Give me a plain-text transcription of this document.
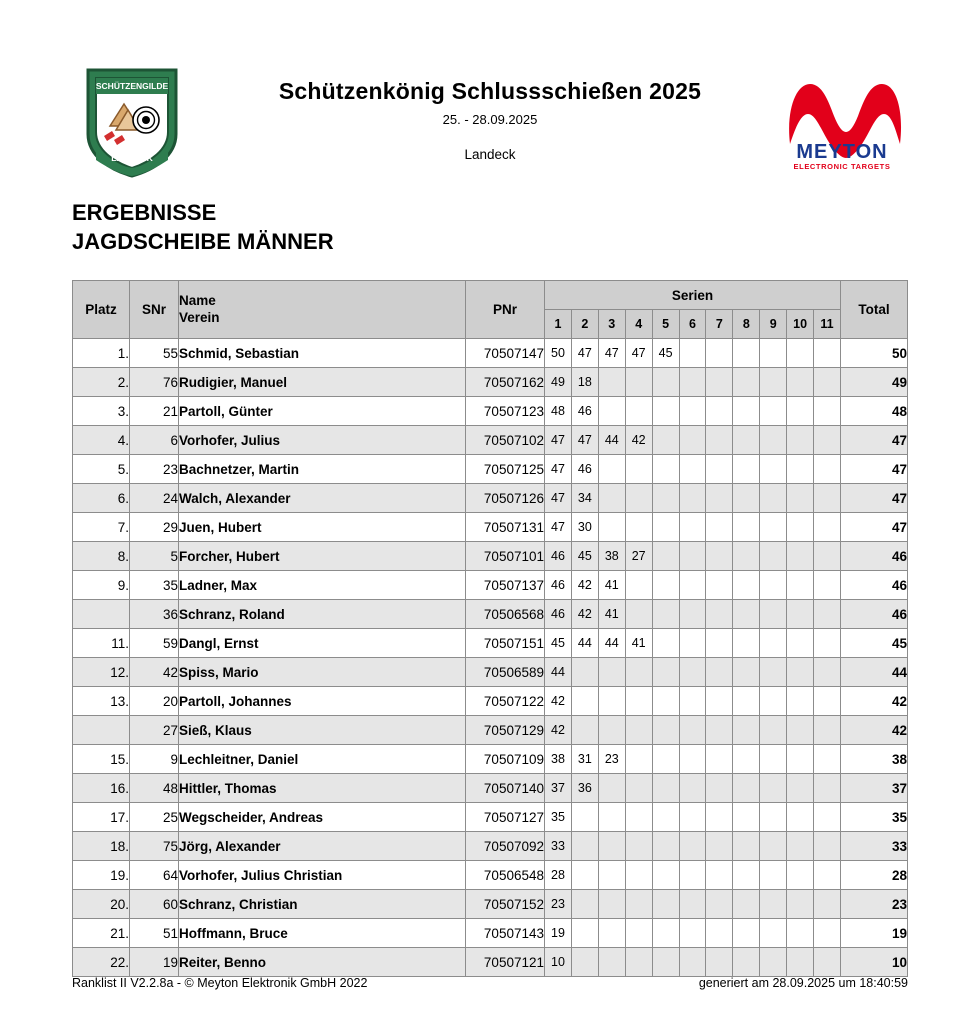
SCHÜTZENGILDE
LANDECK
Schützenkönig Schlussschießen 2025
25. - 28.09.2025
Landeck	MEYTON
ELECTRONIC TARGETS
ERGEBNISSE
JAGDSCHEIBE MÄNNER
Platz	SNr	Name
Verein	PNr	Serien											Total
				1	2	3	4	5	6	7	8	9	10	11	
1.	55	Schmid, Sebastian	70507147	50	47	47	47	45							50
2.	76	Rudigier, Manuel	70507162	49	18										49
3.	21	Partoll, Günter	70507123	48	46										48
4.	6	Vorhofer, Julius	70507102	47	47	44	42								47
5.	23	Bachnetzer, Martin	70507125	47	46										47
6.	24	Walch, Alexander	70507126	47	34										47
7.	29	Juen, Hubert	70507131	47	30										47
8.	5	Forcher, Hubert	70507101	46	45	38	27								46
9.	35	Ladner, Max	70507137	46	42	41									46
	36	Schranz, Roland	70506568	46	42	41									46
11.	59	Dangl, Ernst	70507151	45	44	44	41								45
12.	42	Spiss, Mario	70506589	44											44
13.	20	Partoll, Johannes	70507122	42											42
	27	Sieß, Klaus	70507129	42											42
15.	9	Lechleitner, Daniel	70507109	38	31	23									38
16.	48	Hittler, Thomas	70507140	37	36										37
17.	25	Wegscheider, Andreas	70507127	35											35
18.	75	Jörg, Alexander	70507092	33											33
19.	64	Vorhofer, Julius Christian	70506548	28											28
20.	60	Schranz, Christian	70507152	23											23
21.	51	Hoffmann, Bruce	70507143	19											19
22.	19	Reiter, Benno	70507121	10											10
Ranklist II V2.2.8a - © Meyton Elektronik GmbH 2022	generiert am 28.09.2025 um 18:40:59
